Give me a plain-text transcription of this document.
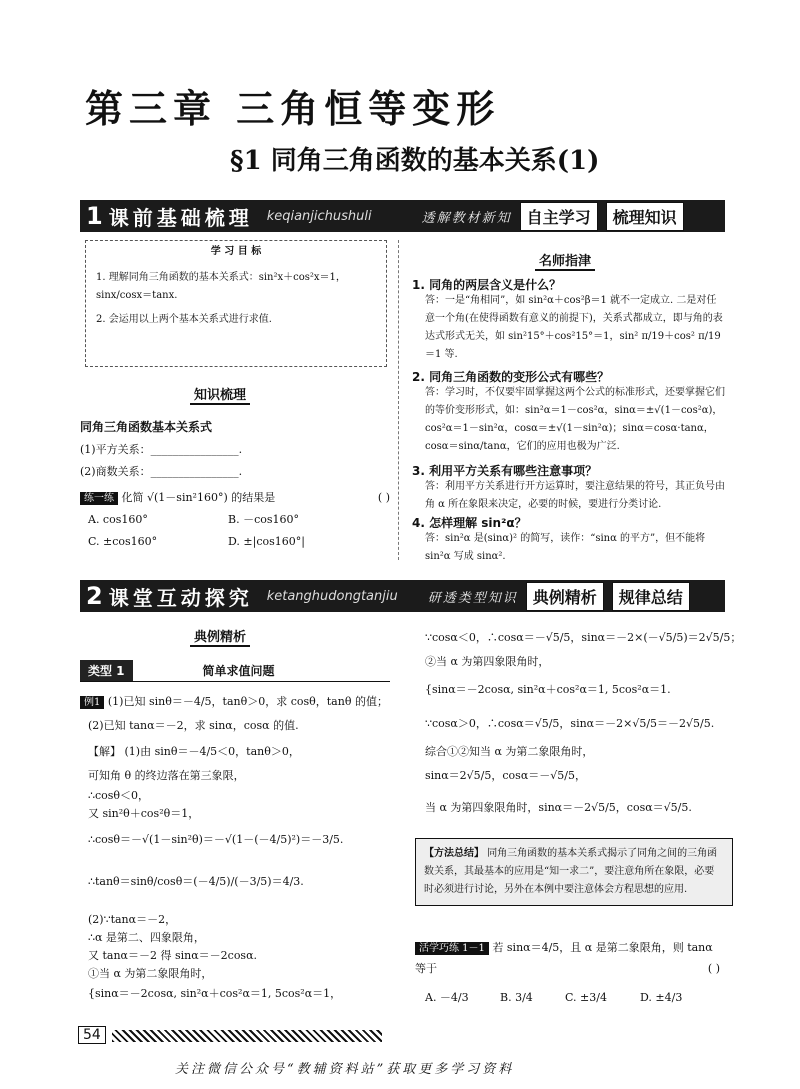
第三章 三角恒等变形
§1 同角三角函数的基本关系(1)
1 课前基础梳理 keqianjichushuli	透解教材新知 自主学习	梳理知识
学 习 目 标
1. 理解同角三角函数的基本关系式：sin²x＋cos²x＝1，sinx/cosx＝tanx.
2. 会运用以上两个基本关系式进行求值.
知识梳理
同角三角函数基本关系式
(1)平方关系：________________.
(2)商数关系：________________.
练一练 化简 √(1－sin²160°) 的结果是	( )
A. cos160°	B. －cos160°
C. ±cos160°	D. ±|cos160°|
名师指津
1. 同角的两层含义是什么？
答：一是“角相同”，如 sin²α＋cos²β＝1 就不一定成立. 二是对任意一个角(在使得函数有意义的前提下)，关系式都成立，即与角的表达式形式无关，如 sin²15°＋cos²15°＝1，sin² π/19＋cos² π/19＝1 等.
2. 同角三角函数的变形公式有哪些？
答：学习时，不仅要牢固掌握这两个公式的标准形式，还要掌握它们的等价变形形式，如：sin²α＝1－cos²α，sinα＝±√(1－cos²α)，cos²α＝1－sin²α，cosα＝±√(1－sin²α)；sinα＝cosα·tanα，cosα＝sinα/tanα，它们的应用也极为广泛.
3. 利用平方关系有哪些注意事项？
答：利用平方关系进行开方运算时，要注意结果的符号，其正负号由角 α 所在象限来决定，必要的时候，要进行分类讨论.
4. 怎样理解 sin²α？
答：sin²α 是(sinα)² 的简写，读作：“sinα 的平方”，但不能将 sin²α 写成 sinα².
2 课堂互动探究 ketanghudongtanjiu 研透类型知识 典例精析	规律总结
典例精析
类型 1	简单求值问题
例1 (1)已知 sinθ＝－4/5，tanθ＞0，求 cosθ，tanθ 的值；
(2)已知 tanα＝－2，求 sinα，cosα 的值.
【解】 (1)由 sinθ＝－4/5＜0，tanθ＞0，
可知角 θ 的终边落在第三象限，
∴cosθ＜0，
又 sin²θ＋cos²θ＝1，
∴cosθ＝－√(1－sin²θ)＝－√(1－(－4/5)²)＝－3/5.
∴tanθ＝sinθ/cosθ＝(－4/5)/(－3/5)＝4/3.
(2)∵tanα＝－2，
∴α 是第二、四象限角，
又 tanα＝－2 得 sinα＝－2cosα.
①当 α 为第二象限角时，
{sinα＝－2cosα, sin²α＋cos²α＝1, 5cos²α＝1，
∵cosα＜0，∴cosα＝－√5/5，sinα＝－2×(－√5/5)＝2√5/5；
②当 α 为第四象限角时，
{sinα＝－2cosα, sin²α＋cos²α＝1, 5cos²α＝1.
∵cosα＞0，∴cosα＝√5/5，sinα＝－2×√5/5＝－2√5/5.
综合①②知当 α 为第二象限角时，
sinα＝2√5/5，cosα＝－√5/5，
当 α 为第四象限角时，sinα＝－2√5/5，cosα＝√5/5.
【方法总结】 同角三角函数的基本关系式揭示了同角之间的三角函数关系，其最基本的应用是“知一求二”，要注意角所在象限，必要时必须进行讨论，另外在本例中要注意体会方程思想的应用.
活学巧练 1－1 若 sinα＝4/5，且 α 是第二象限角，则 tanα 等于	( )
A. －4/3	B. 3/4	C. ±3/4	D. ±4/3
54
关注微信公众号“教辅资料站”获取更多学习资料
